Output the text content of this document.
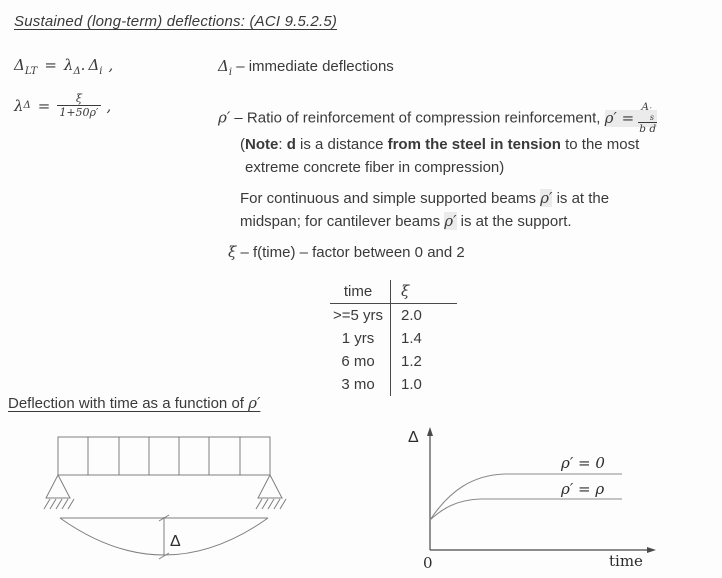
Sustained (long-term) deflections: (ACI 9.5.2.5)
$\Delta_{LT} = \lambda_\Delta$. $\Delta_i$ ,	$\Delta_i$ – immediate deflections
λ $\Delta = \frac{\xi}{1+50\rho'}$ ,
ρ′ – Ratio of reinforcement of compression reinforcement, ρ′ = A ′
s
b d
(Note: d is a distance from the steel in tension to the most
extreme concrete fiber in compression)
For continuous and simple supported beams ρ′ is at the
midspan; for cantilever beams ρ′ is at the support.
ξ – f(time) – factor between 0 and 2
time	ξ
>=5 yrs	2.0
1 yrs	1.4
6 mo	1.2
3 mo	1.0
Deflection with time as a function of ρ′
Δ
Δ
0	time
ρ′ = 0
ρ′ = ρ
